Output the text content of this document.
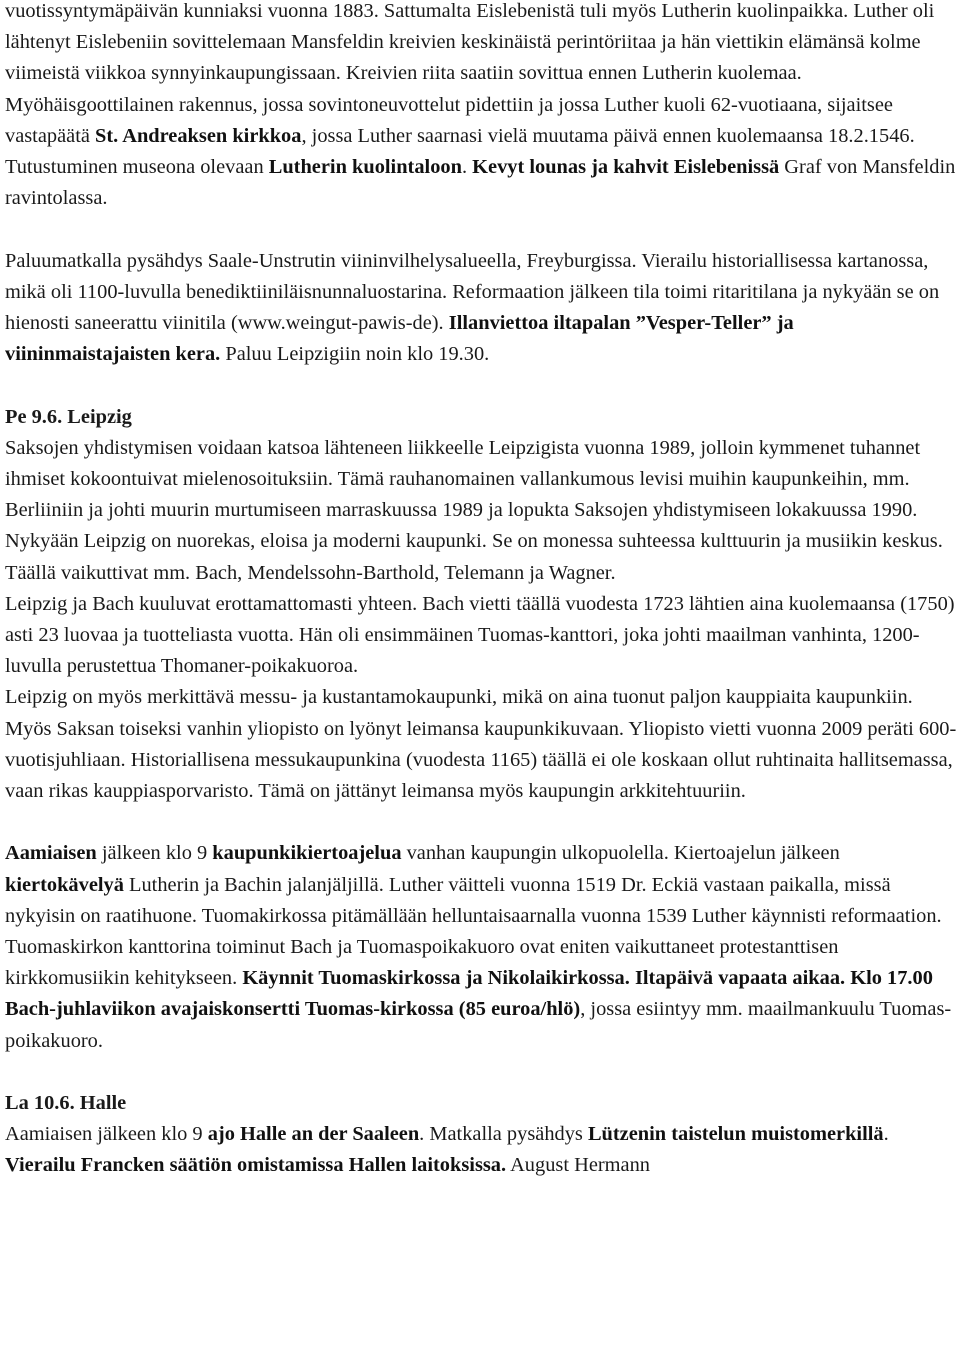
vuotissyntymäpäivän kunniaksi vuonna 1883. Sattumalta Eislebenistä tuli myös Lutherin kuolinpaikka. Luther oli lähtenyt Eislebeniin sovittelemaan Mansfeldin kreivien keskinäistä perintöriitaa ja hän viettikin elämänsä kolme viimeistä viikkoa synnyinkaupungissaan. Kreivien riita saatiin sovittua ennen Lutherin kuolemaa. Myöhäisgoottilainen rakennus, jossa sovintoneuvottelut pidettiin ja jossa Luther kuoli 62-vuotiaana, sijaitsee vastapäätä St. Andreaksen kirkkoa, jossa Luther saarnasi vielä muutama päivä ennen kuolemaansa 18.2.1546. Tutustuminen museona olevaan Lutherin kuolintaloon. Kevyt lounas ja kahvit Eislebenissä Graf von Mansfeldin ravintolassa.

Paluumatkalla pysähdys Saale-Unstrutin viininvilhelysalueella, Freyburgissa. Vierailu historiallisessa kartanossa, mikä oli 1100-luvulla benediktiiniläisnunnaluostarina. Reformaation jälkeen tila toimi ritaritilana ja nykyään se on hienosti saneerattu viinitila (www.weingut-pawis-de). Illanviettoa iltapalan ”Vesper-Teller” ja viininmaistajaisten kera. Paluu Leipzigiin noin klo 19.30.

Pe 9.6. Leipzig

Saksojen yhdistymisen voidaan katsoa lähteneen liikkeelle Leipzigista vuonna 1989, jolloin kymmenet tuhannet ihmiset kokoontuivat mielenosoituksiin. Tämä rauhanomainen vallankumous levisi muihin kaupunkeihin, mm. Berliiniin ja johti muurin murtumiseen marraskuussa 1989 ja lopukta Saksojen yhdistymiseen lokakuussa 1990.

Nykyään Leipzig on nuorekas, eloisa ja moderni kaupunki. Se on monessa suhteessa kulttuurin ja musiikin keskus. Täällä vaikuttivat mm. Bach, Mendelssohn-Barthold, Telemann ja Wagner.

Leipzig ja Bach kuuluvat erottamattomasti yhteen. Bach vietti täällä vuodesta 1723 lähtien aina kuolemaansa (1750) asti 23 luovaa ja tuotteliasta vuotta. Hän oli ensimmäinen Tuomas-kanttori, joka johti maailman vanhinta, 1200-luvulla perustettua Thomaner-poikakuoroa.

Leipzig on myös merkittävä messu- ja kustantamokaupunki, mikä on aina tuonut paljon kauppiaita kaupunkiin. Myös Saksan toiseksi vanhin yliopisto on lyönyt leimansa kaupunkikuvaan. Yliopisto vietti vuonna 2009 peräti 600-vuotisjuhliaan. Historiallisena messukaupunkina (vuodesta 1165) täällä ei ole koskaan ollut ruhtinaita hallitsemassa, vaan rikas kauppiasporvaristo. Tämä on jättänyt leimansa myös kaupungin arkkitehtuuriin.

Aamiaisen jälkeen klo 9 kaupunkikiertoajelua vanhan kaupungin ulkopuolella. Kiertoajelun jälkeen kiertokävelyä Lutherin ja Bachin jalanjäljillä. Luther väitteli vuonna 1519 Dr. Eckiä vastaan paikalla, missä nykyisin on raatihuone. Tuomakirkossa pitämällään helluntaisaarnalla vuonna 1539 Luther käynnisti reformaation. Tuomaskirkon kanttorina toiminut Bach ja Tuomaspoikakuoro ovat eniten vaikuttaneet protestanttisen kirkkomusiikin kehitykseen. Käynnit Tuomaskirkossa ja Nikolaikirkossa. Iltapäivä vapaata aikaa. Klo 17.00 Bach-juhlaviikon avajaiskonsertti Tuomas-kirkossa (85 euroa/hlö), jossa esiintyy mm. maailmankuulu Tuomas-poikakuoro.

La 10.6. Halle

Aamiaisen jälkeen klo 9 ajo Halle an der Saaleen. Matkalla pysähdys Lützenin taistelun muistomerkillä. Vierailu Francken säätiön omistamissa Hallen laitoksissa. August Hermann
